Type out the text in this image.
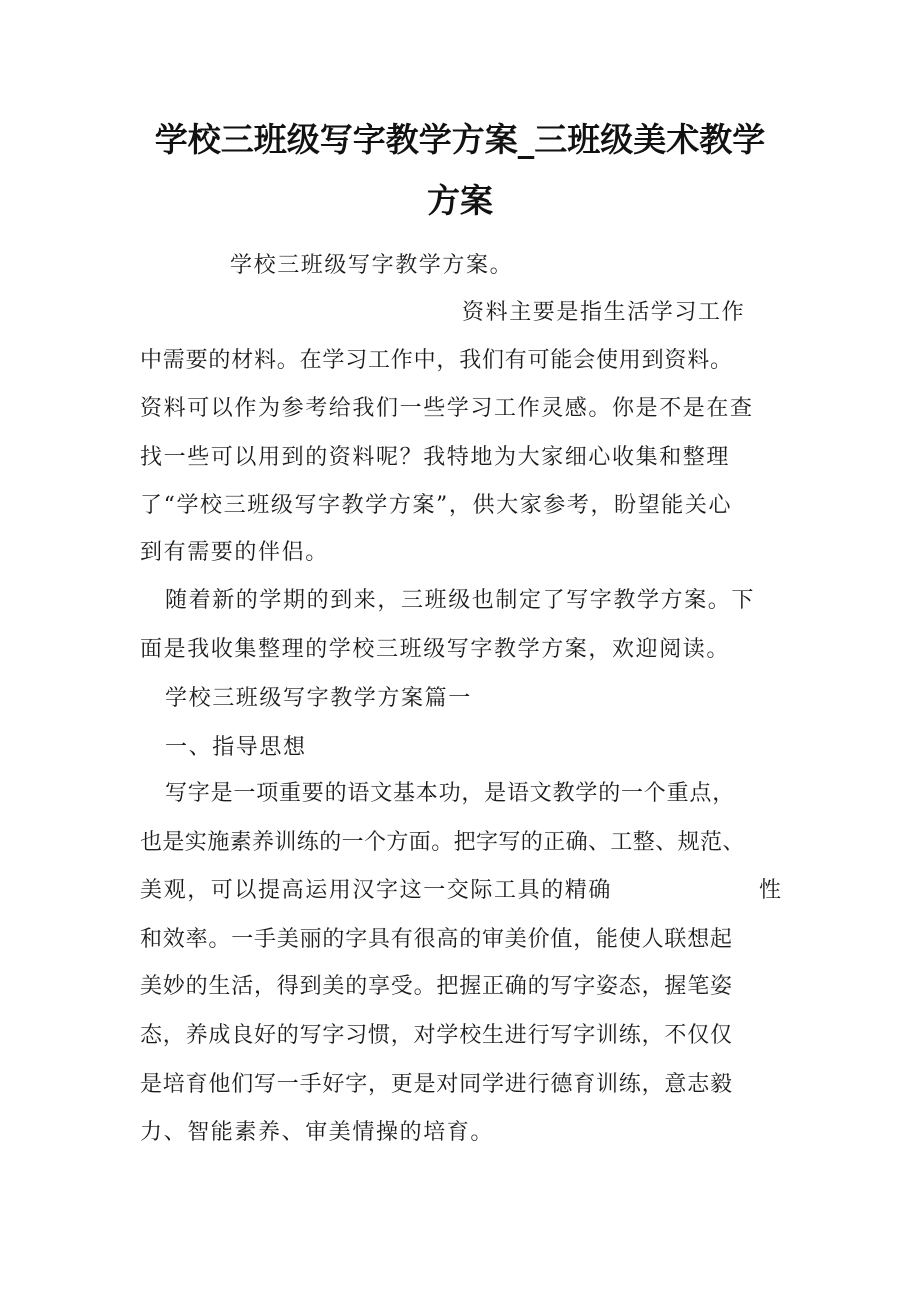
学校三班级写字教学方案_三班级美术教学
方案
学校三班级写字教学方案。
资料主要是指生活学习工作
中需要的材料。在学习工作中，我们有可能会使用到资料。
资料可以作为参考给我们一些学习工作灵感。你是不是在查
找一些可以用到的资料呢？我特地为大家细心收集和整理
了“学校三班级写字教学方案”，供大家参考，盼望能关心
到有需要的伴侣。
随着新的学期的到来，三班级也制定了写字教学方案。下
面是我收集整理的学校三班级写字教学方案，欢迎阅读。
学校三班级写字教学方案篇一
一、指导思想
写字是一项重要的语文基本功，是语文教学的一个重点，
也是实施素养训练的一个方面。把字写的正确、工整、规范、
美观，可以提高运用汉字这一交际工具的精确	性
和效率。一手美丽的字具有很高的审美价值，能使人联想起
美妙的生活，得到美的享受。把握正确的写字姿态，握笔姿
态，养成良好的写字习惯，对学校生进行写字训练，不仅仅
是培育他们写一手好字，更是对同学进行德育训练，意志毅
力、智能素养、审美情操的培育。
